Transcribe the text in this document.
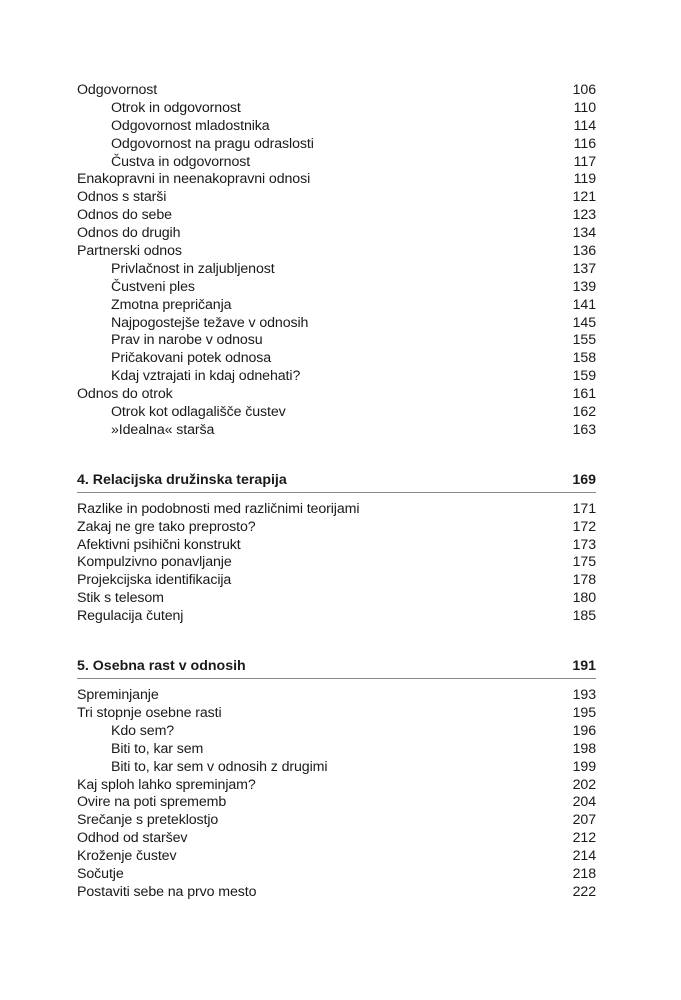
Odgovornost	106
Otrok in odgovornost	110
Odgovornost mladostnika	114
Odgovornost na pragu odraslosti	116
Čustva in odgovornost	117
Enakopravni in neenakopravni odnosi	119
Odnos s starši	121
Odnos do sebe	123
Odnos do drugih	134
Partnerski odnos	136
Privlačnost in zaljubljenost	137
Čustveni ples	139
Zmotna prepričanja	141
Najpogostejše težave v odnosih	145
Prav in narobe v odnosu	155
Pričakovani potek odnosa	158
Kdaj vztrajati in kdaj odnehati?	159
Odnos do otrok	161
Otrok kot odlagališče čustev	162
»Idealna« starša	163
4. Relacijska družinska terapija	169
Razlike in podobnosti med različnimi teorijami	171
Zakaj ne gre tako preprosto?	172
Afektivni psihični konstrukt	173
Kompulzivno ponavljanje	175
Projekcijska identifikacija	178
Stik s telesom	180
Regulacija čutenj	185
5. Osebna rast v odnosih	191
Spreminjanje	193
Tri stopnje osebne rasti	195
Kdo sem?	196
Biti to, kar sem	198
Biti to, kar sem v odnosih z drugimi	199
Kaj sploh lahko spreminjam?	202
Ovire na poti sprememb	204
Srečanje s preteklostjo	207
Odhod od staršev	212
Kroženje čustev	214
Sočutje	218
Postaviti sebe na prvo mesto	222
